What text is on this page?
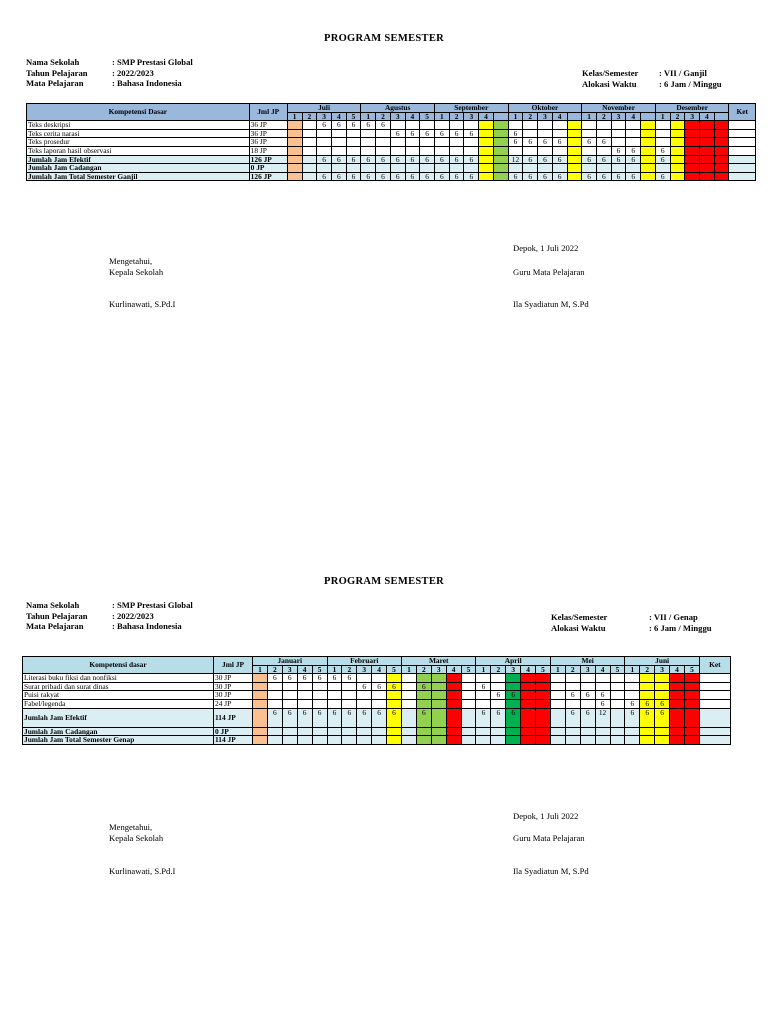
PROGRAM SEMESTER
Nama Sekolah	: SMP Prestasi Global
Tahun Pelajaran	: 2022/2023
Mata Pelajaran	: Bahasa Indonesia
Kelas/Semester	: VII / Ganjil
Alokasi Waktu	: 6 Jam / Minggu
Kompetensi Dasar	Jml JP	Juli					Agustus					September					Oktober					November					Desember					Ket
		1	2	3	4	5	1	2	3	4	5	1	2	3	4		1	2	3	4		1	2	3	4		1	2	3	4		
Teks deskripsi	36 JP			6	6	6	6	6																								
Teks cerita narasi	36 JP								6	6	6	6	6	6			6															
Teks prosedur	36 JP																6	6	6	6		6	6									
Teks laporan hasil observasi	18 JP																							6	6		6					
Jumlah Jam Efektif	126 JP			6	6	6	6	6	6	6	6	6	6	6			12	6	6	6		6	6	6	6		6					
Jumlah Jam Cadangan	0 JP																															
Jumlah Jam Total Semester Ganjil	126 JP			6	6	6	6	6	6	6	6	6	6	6			6	6	6	6		6	6	6	6		6					
Depok, 1 Juli 2022
Mengetahui,
Kepala Sekolah	Guru Mata Pelajaran
Kurlinawati, S.Pd.I	Ila Syadiatun M, S.Pd
PROGRAM SEMESTER
Nama Sekolah	: SMP Prestasi Global
Tahun Pelajaran	: 2022/2023
Mata Pelajaran	: Bahasa Indonesia
Kelas/Semester	: VII / Genap
Alokasi Waktu	: 6 Jam / Minggu
Kompetensi dasar	Jml JP	Januari					Februari					Maret					April					Mei					Juni					Ket
		1	2	3	4	5	1	2	3	4	5	1	2	3	4	5	1	2	3	4	5	1	2	3	4	5	1	2	3	4	5	
Literasi buku fiksi dan nonfiksi	30 JP		6	6	6	6	6	6																								
Surat pribadi dan surat dinas	30 JP								6	6	6		6				6															
Puisi rakyat	30 JP																	6	6				6	6	6							
Fabel/legenda	24 JP																								6		6	6	6			
Jumlah Jam Efektif	114 JP		6	6	6	6	6	6	6	6	6		6				6	6	6				6	6	12		6	6	6			
Jumlah Jam Cadangan	0 JP																															
Jumlah Jam Total Semester Genap	114 JP																															
Depok, 1 Juli 2022
Mengetahui,
Kepala Sekolah	Guru Mata Pelajaran
Kurlinawati, S.Pd.I	Ila Syadiatun M, S.Pd
